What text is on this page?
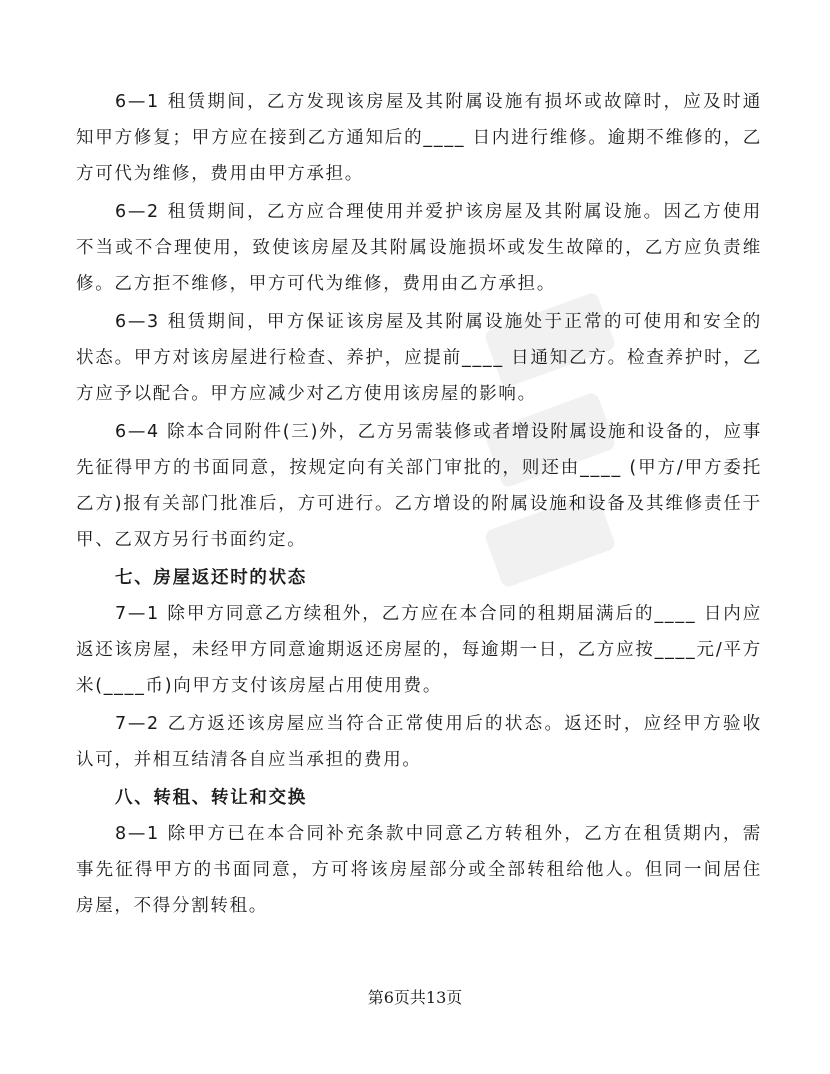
6—1 租赁期间，乙方发现该房屋及其附属设施有损坏或故障时，应及时通知甲方修复；甲方应在接到乙方通知后的____ 日内进行维修。逾期不维修的，乙方可代为维修，费用由甲方承担。

6—2 租赁期间，乙方应合理使用并爱护该房屋及其附属设施。因乙方使用不当或不合理使用，致使该房屋及其附属设施损坏或发生故障的，乙方应负责维修。乙方拒不维修，甲方可代为维修，费用由乙方承担。

6—3 租赁期间，甲方保证该房屋及其附属设施处于正常的可使用和安全的状态。甲方对该房屋进行检查、养护，应提前____ 日通知乙方。检查养护时，乙方应予以配合。甲方应减少对乙方使用该房屋的影响。

6—4 除本合同附件(三)外，乙方另需装修或者增设附属设施和设备的，应事先征得甲方的书面同意，按规定向有关部门审批的，则还由____ (甲方/甲方委托乙方)报有关部门批准后，方可进行。乙方增设的附属设施和设备及其维修责任于甲、乙双方另行书面约定。

七、房屋返还时的状态

7—1 除甲方同意乙方续租外，乙方应在本合同的租期届满后的____ 日内应返还该房屋，未经甲方同意逾期返还房屋的，每逾期一日，乙方应按____元/平方米(____币)向甲方支付该房屋占用使用费。

7—2 乙方返还该房屋应当符合正常使用后的状态。返还时，应经甲方验收认可，并相互结清各自应当承担的费用。

八、转租、转让和交换

8—1 除甲方已在本合同补充条款中同意乙方转租外，乙方在租赁期内，需事先征得甲方的书面同意，方可将该房屋部分或全部转租给他人。但同一间居住房屋，不得分割转租。

第6页共13页
